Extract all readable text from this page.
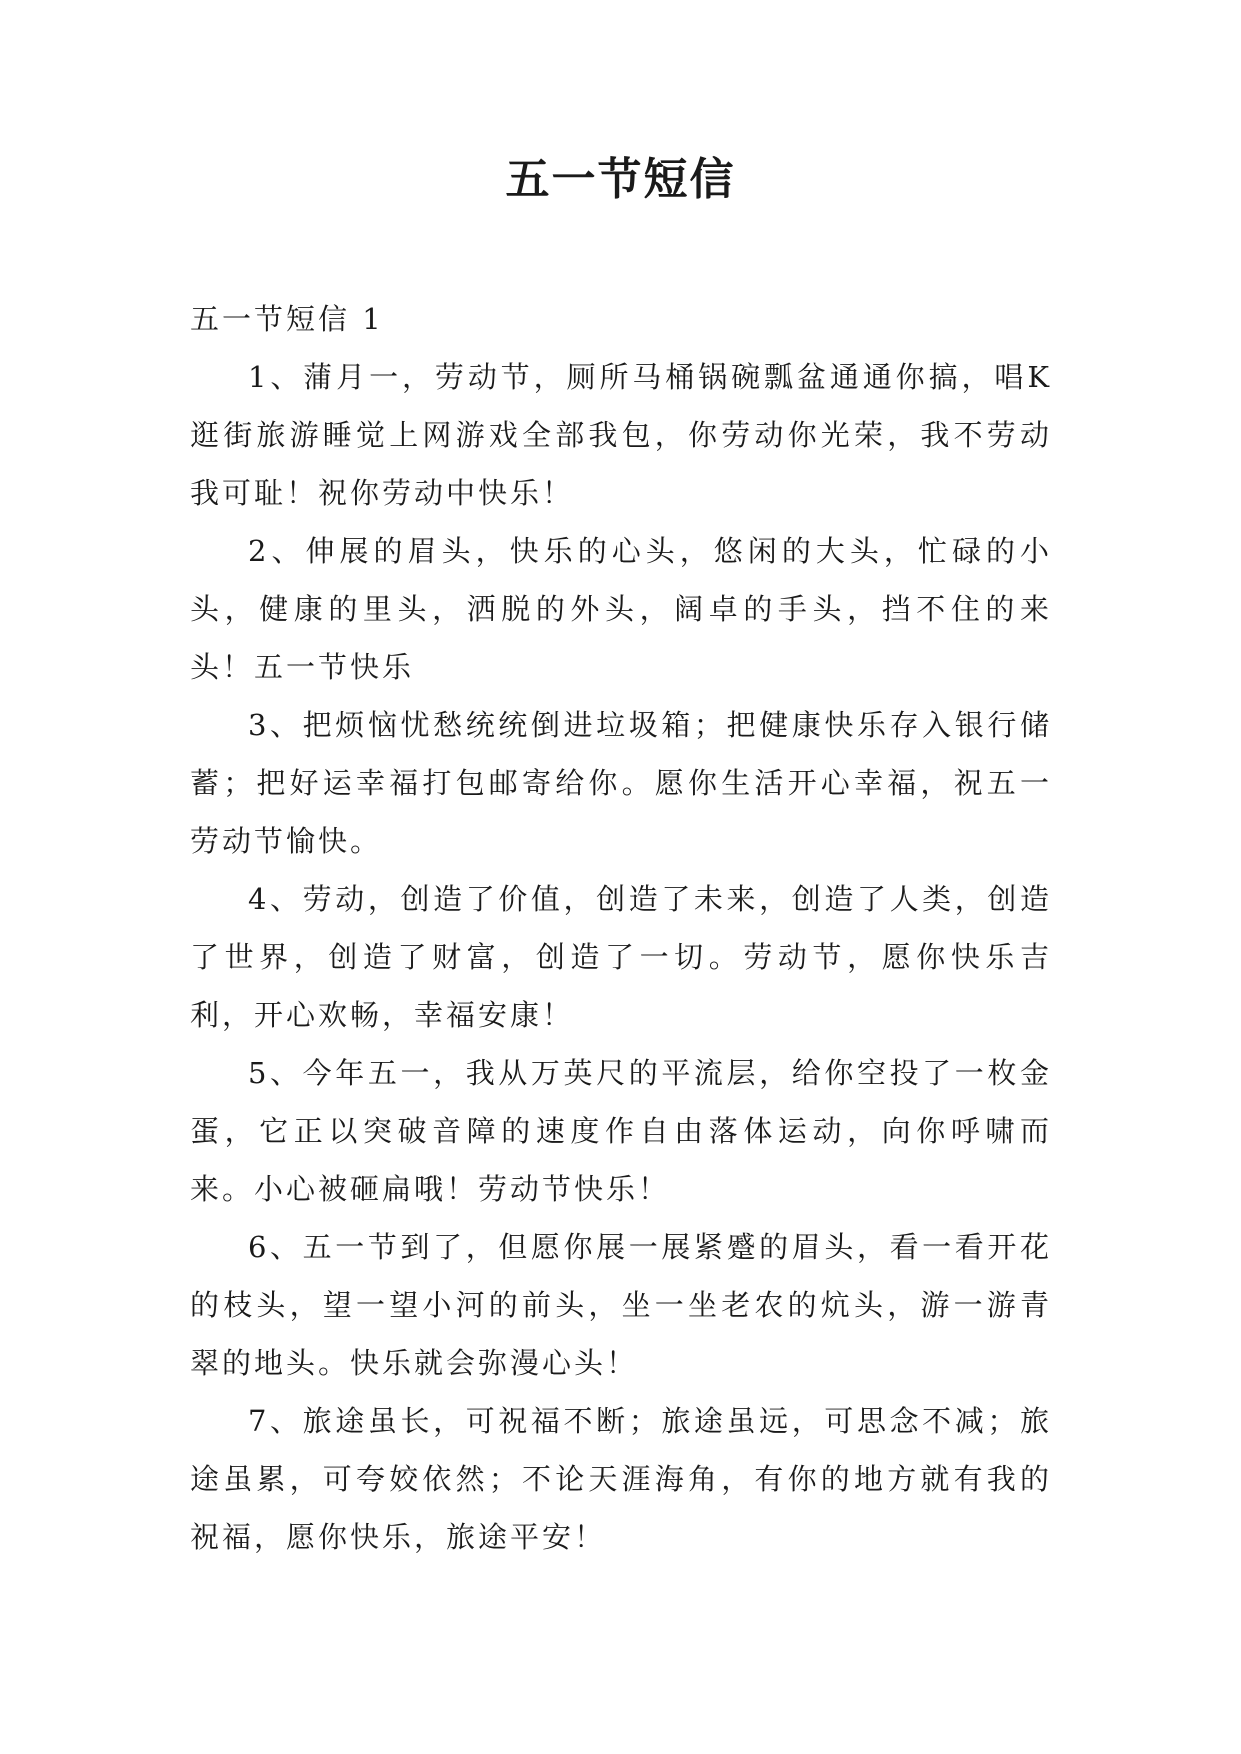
五一节短信

五一节短信 1

1、蒲月一，劳动节，厕所马桶锅碗瓢盆通通你搞，唱K逛街旅游睡觉上网游戏全部我包，你劳动你光荣，我不劳动我可耻！祝你劳动中快乐！

2、伸展的眉头，快乐的心头，悠闲的大头，忙碌的小头，健康的里头，洒脱的外头，阔卓的手头，挡不住的来头！五一节快乐

3、把烦恼忧愁统统倒进垃圾箱；把健康快乐存入银行储蓄；把好运幸福打包邮寄给你。愿你生活开心幸福，祝五一劳动节愉快。

4、劳动，创造了价值，创造了未来，创造了人类，创造了世界，创造了财富，创造了一切。劳动节，愿你快乐吉利，开心欢畅，幸福安康！

5、今年五一，我从万英尺的平流层，给你空投了一枚金蛋，它正以突破音障的速度作自由落体运动，向你呼啸而来。小心被砸扁哦！劳动节快乐！

6、五一节到了，但愿你展一展紧蹙的眉头，看一看开花的枝头，望一望小河的前头，坐一坐老农的炕头，游一游青翠的地头。快乐就会弥漫心头！

7、旅途虽长，可祝福不断；旅途虽远，可思念不减；旅途虽累，可夸姣依然；不论天涯海角，有你的地方就有我的祝福，愿你快乐，旅途平安！
